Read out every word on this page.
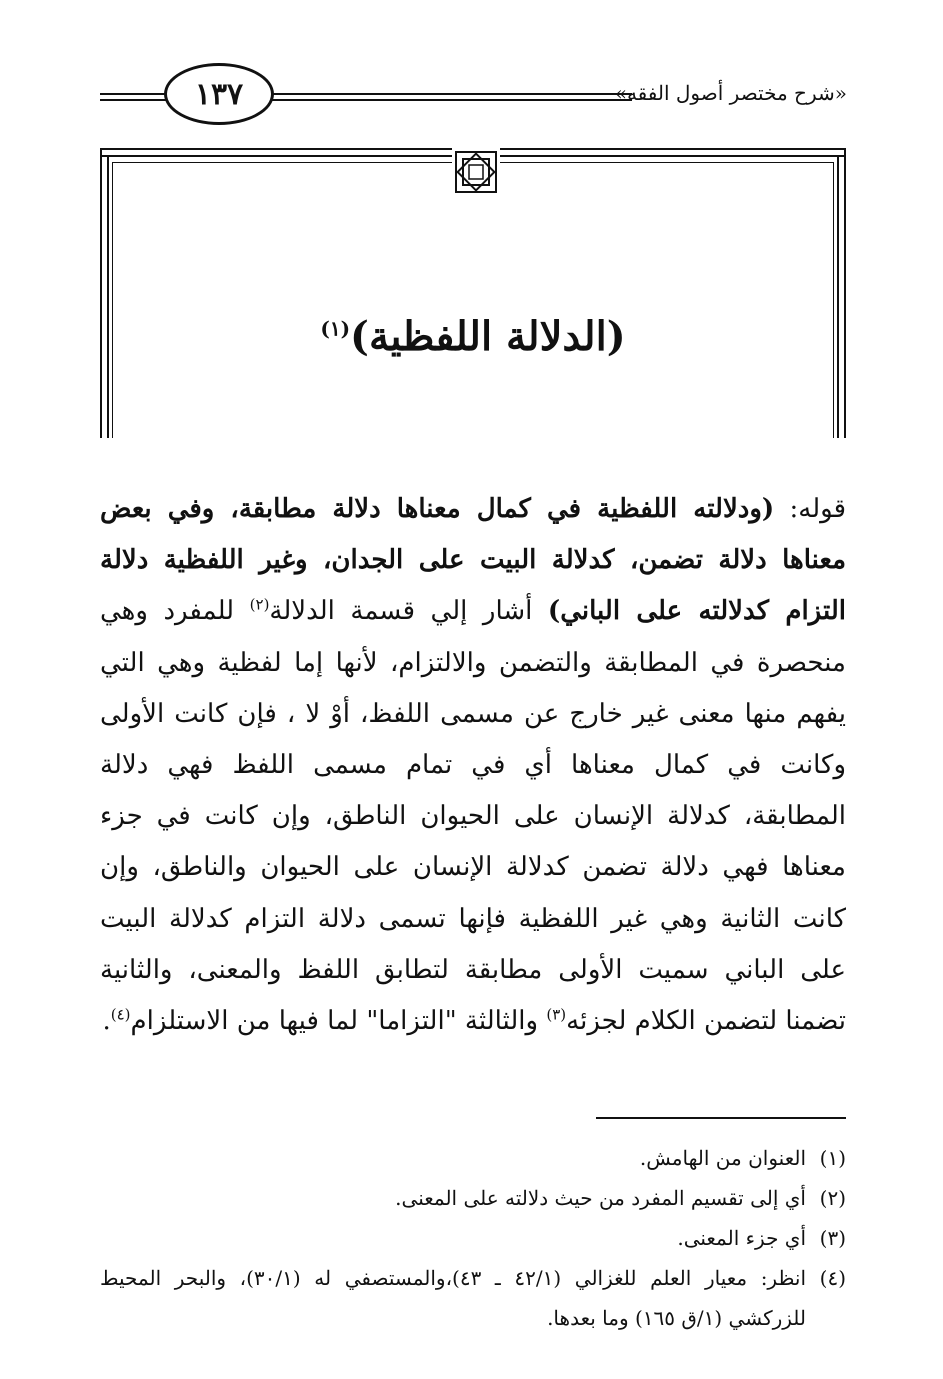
١٣٧	«شرح مختصر أصول الفقه»
(الدلالة اللفظية)$^{(١)}$
قوله: (ودلالته اللفظية في كمال معناها دلالة مطابقة، وفي بعض معناها دلالة تضمن، كدلالة البيت على الجدان، وغير اللفظية دلالة التزام كدلالته على الباني) أشار إلي قسمة الدلالة$^{(٢)}$ للمفرد وهي منحصرة في المطابقة والتضمن والالتزام، لأنها إما لفظية وهي التي يفهم منها معنى غير خارج عن مسمى اللفظ، أوْ لا ، فإن كانت الأولى وكانت في كمال معناها أي في تمام مسمى اللفظ فهي دلالة المطابقة، كدلالة الإنسان على الحيوان الناطق، وإن كانت في جزء معناها فهي دلالة تضمن كدلالة الإنسان على الحيوان والناطق، وإن كانت الثانية وهي غير اللفظية فإنها تسمى دلالة التزام كدلالة البيت على الباني سميت الأولى مطابقة لتطابق اللفظ والمعنى، والثانية تضمنا لتضمن الكلام لجزئه$^{(٣)}$ والثالثة "التزاما" لما فيها من الاستلزام$^{(٤)}$.
(١)
العنوان من الهامش.
(٢)
أي إلى تقسيم المفرد من حيث دلالته على المعنى.
(٣)
أي جزء المعنى.
(٤)
انظر: معيار العلم للغزالي (٤٢/١ ـ ٤٣)،والمستصفي له (٣٠/١)، والبحر المحيط للزركشي (١/ق ١٦٥) وما بعدها.
